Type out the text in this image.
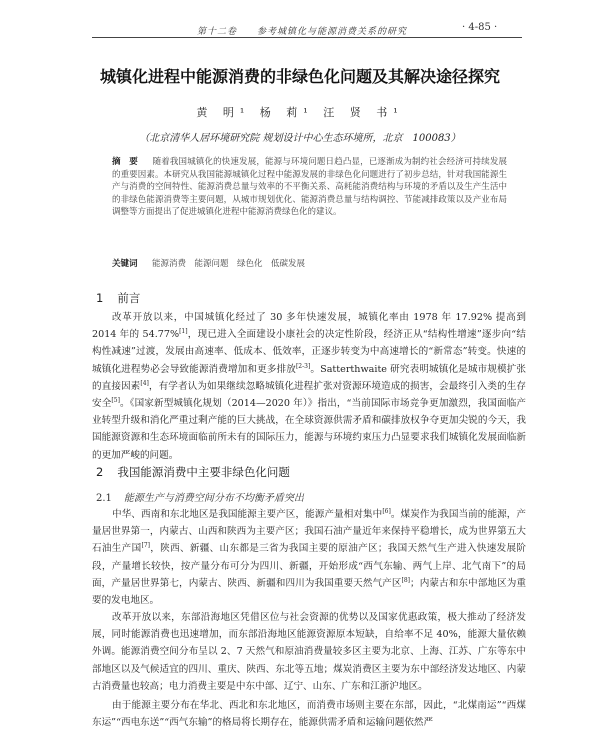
第十二卷　　参考城镇化与能源消费关系的研究　　	· 4-85 ·
城镇化进程中能源消费的非绿色化问题及其解决途径探究
黄 明¹ 杨 莉¹ 汪 贤 书¹
（北京清华人居环境研究院 规划设计中心生态环境所，北京　100083）
摘　要　随着我国城镇化的快速发展，能源与环境问题日趋凸显，已逐渐成为制约社会经济可持续发展的重要因素。本研究从我国能源城镇化过程中能源发展的非绿色化问题进行了初步总结，针对我国能源生产与消费的空间特性、能源消费总量与效率的不平衡关系、高耗能消费结构与环境的矛盾以及生产生活中的非绿色能源消费等主要问题，从城市规划优化、能源消费总量与结构调控、节能减排政策以及产业布局调整等方面提出了促进城镇化进程中能源消费绿色化的建议。
关键词　能源消费　能源问题　绿色化　低碳发展
1 前言
改革开放以来，中国城镇化经过了 30 多年快速发展，城镇化率由 1978 年 17.92% 提高到 2014 年的 54.77%[1]，现已进入全面建设小康社会的决定性阶段，经济正从“结构性增速”逐步向“结构性减速”过渡，发展由高速率、低成本、低效率，正逐步转变为中高速增长的“新常态”转变。快速的城镇化进程势必会导致能源消费增加和更多排放[2-3]。Satterthwaite 研究表明城镇化是城市规模扩张的直接因素[4]，有学者认为如果继续忽略城镇化进程扩张对资源环境造成的损害，会最终引入类的生存安全[5]。《国家新型城镇化规划（2014—2020 年）》指出，“当前国际市场竞争更加激烈，我国面临产业转型升级和消化严重过剩产能的巨大挑战，在全球资源供需矛盾和碳排放权争夺更加尖锐的今天，我国能源资源和生态环境面临前所未有的国际压力，能源与环境约束压力凸显要求我们城镇化发展面临新的更加严峻的问题。
2 我国能源消费中主要非绿色化问题
2.1 能源生产与消费空间分布不均衡矛盾突出
中华、西南和东北地区是我国能源主要产区，能源产量相对集中[6]。煤炭作为我国当前的能源，产量居世界第一，内蒙古、山西和陕西为主要产区；我国石油产量近年来保持平稳增长，成为世界第五大石油生产国[7]，陕西、新疆、山东都是三省为我国主要的原油产区；我国天然气生产进入快速发展阶段，产量增长较快，按产量分布可分为四川、新疆，开始形成“西气东输、两气上岸、北气南下”的局面，产量居世界第七，内蒙古、陕西、新疆和四川为我国重要天然气产区[8]；内蒙古和东中部地区为重要的发电地区。
改革开放以来，东部沿海地区凭借区位与社会资源的优势以及国家优惠政策，极大推动了经济发展，同时能源消费也迅速增加，而东部沿海地区能源资源原本短缺，自给率不足 40%，能源大量依赖外调。能源消费空间分布呈以 2、7 天然气和原油消费量较多区主要为北京、上海、江苏、广东等东中部地区以及气候适宜的四川、重庆、陕西、东北等五地；煤炭消费区主要为东中部经济发达地区、内蒙古消费量也较高；电力消费主要是中东中部、辽宁、山东、广东和江浙沪地区。
由于能源主要分布在华北、西北和东北地区，而消费市场则主要在东部，因此，“北煤南运”“西煤东运”“西电东送”“西气东输”的格局将长期存在，能源供需矛盾和运输问题依然严
